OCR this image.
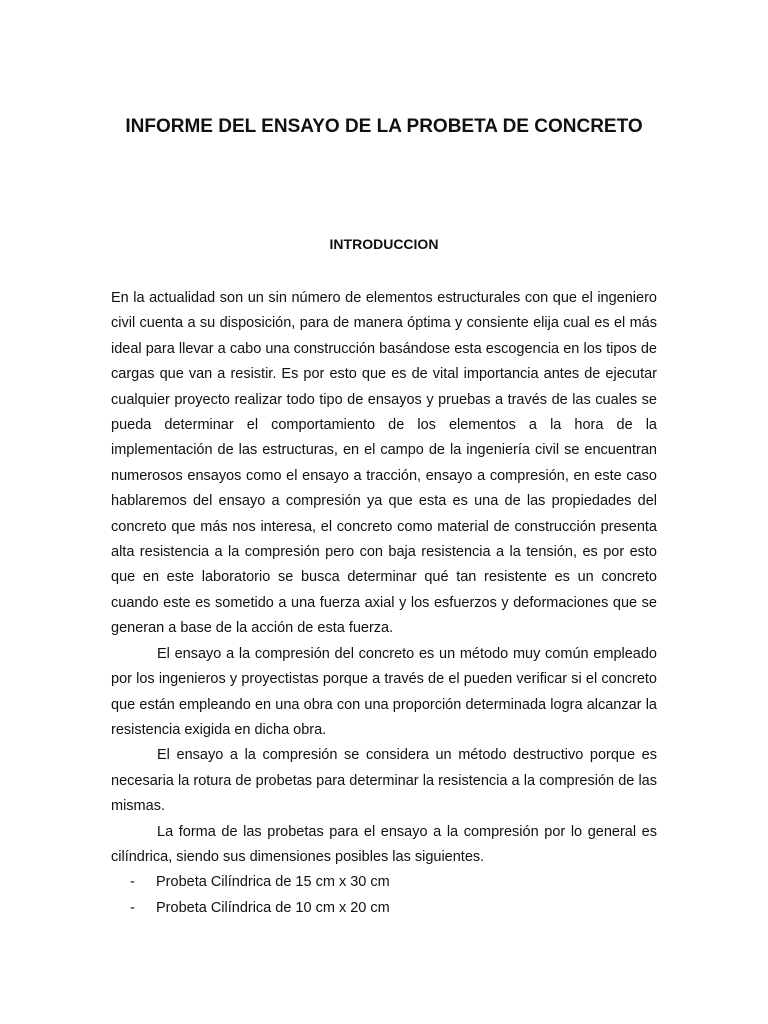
INFORME DEL ENSAYO DE LA PROBETA DE CONCRETO
INTRODUCCION

En la actualidad son un sin número de elementos estructurales con que el ingeniero civil cuenta a su disposición, para de manera óptima y consiente elija cual es el más ideal para llevar a cabo una construcción basándose esta escogencia en los tipos de cargas que van a resistir. Es por esto que es de vital importancia antes de ejecutar cualquier proyecto realizar todo tipo de ensayos y pruebas a través de las cuales se pueda determinar el comportamiento de los elementos a la hora de la implementación de las estructuras, en el campo de la ingeniería civil se encuentran numerosos ensayos como el ensayo a tracción, ensayo a compresión, en este caso hablaremos del ensayo a compresión ya que esta es una de las propiedades del concreto que más nos interesa, el concreto como material de construcción presenta alta resistencia a la compresión pero con baja resistencia a la tensión, es por esto que en este laboratorio se busca determinar qué tan resistente es un concreto cuando este es sometido a una fuerza axial y los esfuerzos y deformaciones que se generan a base de la acción de esta fuerza.

El ensayo a la compresión del concreto es un método muy común empleado por los ingenieros y proyectistas porque a través de el pueden verificar si el concreto que están empleando en una obra con una proporción determinada logra alcanzar la resistencia exigida en dicha obra.

El ensayo a la compresión se considera un método destructivo porque es necesaria la rotura de probetas para determinar la resistencia a la compresión de las mismas.

La forma de las probetas para el ensayo a la compresión por lo general es cilíndrica, siendo sus dimensiones posibles las siguientes.

- Probeta Cilíndrica de 15 cm x 30 cm
- Probeta Cilíndrica de 10 cm x 20 cm
